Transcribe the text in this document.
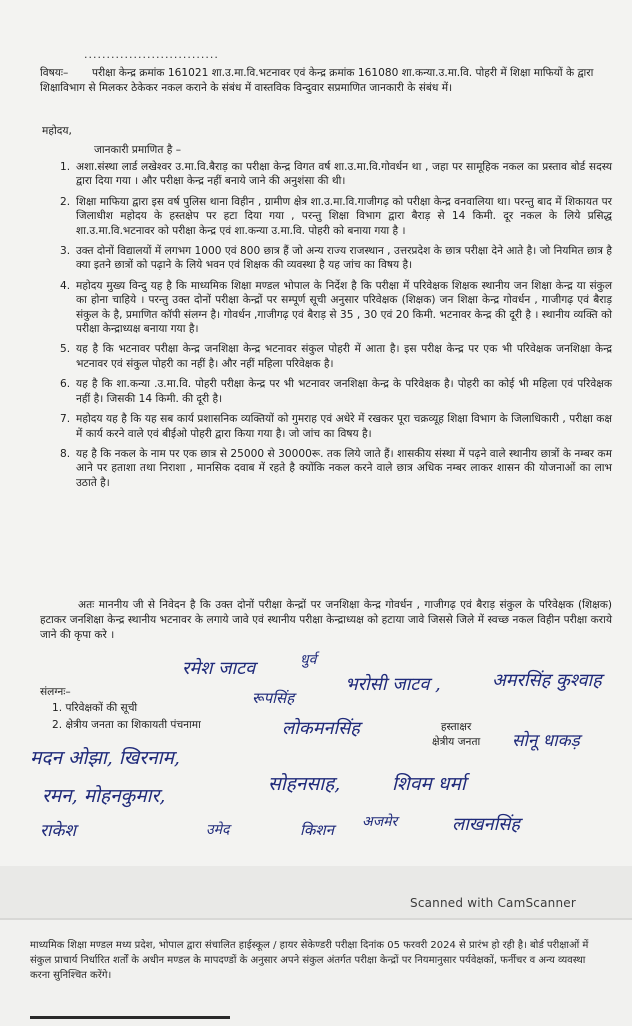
..............................
विषयः– परीक्षा केन्द्र क्रमांक 161021 शा.उ.मा.वि.भटनावर एवं केन्द्र क्रमांक 161080 शा.कन्या.उ.मा.वि. पोहरी में शिक्षा माफियों के द्वारा शिक्षाविभाग से मिलकर ठेकेकर नकल कराने के संबंध में वास्तविक विन्दुवार सप्रमाणित जानकारी के संबंध में।
महोदय,
जानकारी प्रमाणित है –
1. अशा.संस्था लार्ड लखेश्वर उ.मा.वि.बैराड़ का परीक्षा केन्द्र विगत वर्ष शा.उ.मा.वि.गोवर्धन था , जहा पर सामूहिक नकल का प्रस्ताव बोर्ड सदस्य द्वारा दिया गया । और परीक्षा केन्द्र नहीं बनाये जाने की अनुशंसा की थी।
2. शिक्षा माफिया द्वारा इस वर्ष पुलिस थाना विहीन , ग्रामीण क्षेत्र शा.उ.मा.वि.गाजीगढ़ को परीक्षा केन्द्र वनवालिया था। परन्तु बाद में शिकायत पर जिलाधीश महोदय के हस्तक्षेप पर हटा दिया गया , परन्तु शिक्षा विभाग द्वारा बैराड़ से 14 किमी. दूर नकल के लिये प्रसिद्ध शा.उ.मा.वि.भटनावर को परीक्षा केन्द्र एवं शा.कन्या उ.मा.वि. पोहरी को बनाया गया है ।
3. उक्त दोनों विद्यालयों में लगभग 1000 एवं 800 छात्र हैं जो अन्य राज्य राजस्थान , उत्तरप्रदेश के छात्र परीक्षा देने आते है। जो नियमित छात्र है क्या इतने छात्रों को पढ़ाने के लिये भवन एवं शिक्षक की व्यवस्था है यह जांच का विषय है।
4. महोदय मुख्य विन्दु यह है कि माध्यमिक शिक्षा मण्डल भोपाल के निर्देश है कि परीक्षा में परिवेक्षक शिक्षक स्थानीय जन शिक्षा केन्द्र या संकुल का होना चाहिये । परन्तु उक्त दोनों परीक्षा केन्द्रों पर सम्पूर्ण सूची अनुसार परिवेक्षक (शिक्षक) जन शिक्षा केन्द्र गोवर्धन , गाजीगढ़ एवं बैराड़ संकुल के है, प्रमाणित कॉपी संलग्न है। गोवर्धन ,गाजीगढ़ एवं बैराड़ से 35 , 30 एवं 20 किमी. भटनावर केन्द्र की दूरी है । स्थानीय व्यक्ति को परीक्षा केन्द्राध्यक्ष बनाया गया है।
5. यह है कि भटनावर परीक्षा केन्द्र जनशिक्षा केन्द्र भटनावर संकुल पोहरी में आता है। इस परीक्ष केन्द्र पर एक भी परिवेक्षक जनशिक्षा केन्द्र भटनावर एवं संकुल पोहरी का नहीं है। और नहीं महिला परिवेक्षक है।
6. यह है कि शा.कन्या .उ.मा.वि. पोहरी परीक्षा केन्द्र पर भी भटनावर जनशिक्षा केन्द्र के परिवेक्षक है। पोहरी का कोई भी महिला एवं परिवेक्षक नहीं है। जिसकी 14 किमी. की दूरी है।
7. महोदय यह है कि यह सब कार्य प्रशासनिक व्यक्तियों को गुमराह एवं अधेरे में रखकर पूरा चक्रव्यूह शिक्षा विभाग के जिलाधिकारी , परीक्षा कक्ष में कार्य करने वाले एवं बीईओ पोहरी द्वारा किया गया है। जो जांच का विषय है।
8. यह है कि नकल के नाम पर एक छात्र से 25000 से 30000रू. तक लिये जाते हैं। शासकीय संस्था में पढ़ने वाले स्थानीय छात्रों के नम्बर कम आने पर हताशा तथा निराशा , मानसिक दवाब में रहते है क्योंकि नकल करने वाले छात्र अधिक नम्बर लाकर शासन की योजनाओं का लाभ उठाते है।
अतः माननीय जी से निवेदन है कि उक्त दोनों परीक्षा केन्द्रों पर जनशिक्षा केन्द्र गोवर्धन , गाजीगढ़ एवं बैराड़ संकुल के परिवेक्षक (शिक्षक) हटाकर जनशिक्षा केन्द्र स्थानीय भटनावर के लगाये जावे एवं स्थानीय परीक्षा केन्द्राध्यक्ष को हटाया जावे जिससे जिले में स्वच्छ नकल विहीन परीक्षा कराये जाने की कृपा करे ।
संलग्नः–
1. परिवेक्षकों की सूची
2. क्षेत्रीय जनता का शिकायती पंचनामा	हस्ताक्षर
क्षेत्रीय जनता
रमेश जाटव	धुर्व
भरोसी जाटव ,	अमरसिंह कुश्वाह
रूपसिंह
लोकमनसिंह
सोनू धाकड़
मदन ओझा, खिरनाम,
रमन, मोहनकुमार,
सोहनसाह,	शिवम धर्मा
राकेश	उमेद	किशन अजमेर	लाखनसिंह
Scanned with CamScanner
माध्यमिक शिक्षा मण्डल मध्य प्रदेश, भोपाल द्वारा संचालित हाईस्कूल / हायर सेकेण्डरी परीक्षा दिनांक 05 फरवरी 2024 से प्रारंभ हो रही है। बोर्ड परीक्षाओं में संकुल प्राचार्य निर्धारित शर्तों के अधीन मण्डल के मापदण्डों के अनुसार अपने संकुल अंतर्गत परीक्षा केन्द्रों पर नियमानुसार पर्यवेक्षकों, फर्नीचर व अन्य व्यवस्था करना सुनिश्चित करेंगे।
